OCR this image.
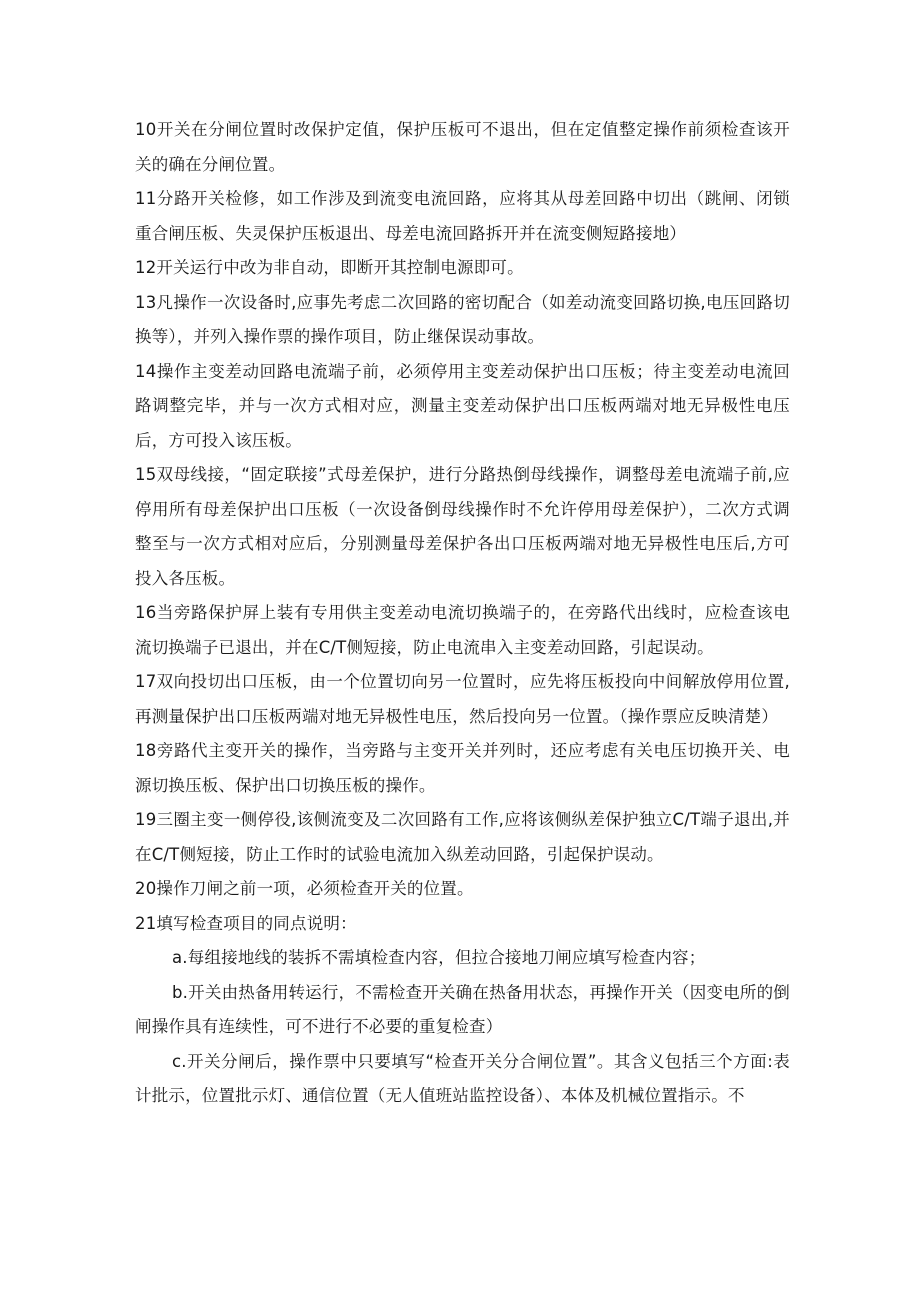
10开关在分闸位置时改保护定值，保护压板可不退出，但在定值整定操作前须检查该开关的确在分闸位置。

11分路开关检修，如工作涉及到流变电流回路，应将其从母差回路中切出（跳闸、闭锁重合闸压板、失灵保护压板退出、母差电流回路拆开并在流变侧短路接地）

12开关运行中改为非自动，即断开其控制电源即可。

13凡操作一次设备时,应事先考虑二次回路的密切配合（如差动流变回路切换,电压回路切换等），并列入操作票的操作项目，防止继保误动事故。

14操作主变差动回路电流端子前，必须停用主变差动保护出口压板；待主变差动电流回路调整完毕，并与一次方式相对应，测量主变差动保护出口压板两端对地无异极性电压后，方可投入该压板。

15双母线接，“固定联接”式母差保护，进行分路热倒母线操作，调整母差电流端子前,应停用所有母差保护出口压板（一次设备倒母线操作时不允许停用母差保护），二次方式调整至与一次方式相对应后，分别测量母差保护各出口压板两端对地无异极性电压后,方可投入各压板。

16当旁路保护屏上装有专用供主变差动电流切换端子的，在旁路代出线时，应检查该电流切换端子已退出，并在C/T侧短接，防止电流串入主变差动回路，引起误动。

17双向投切出口压板，由一个位置切向另一位置时，应先将压板投向中间解放停用位置,再测量保护出口压板两端对地无异极性电压，然后投向另一位置。（操作票应反映清楚）

18旁路代主变开关的操作，当旁路与主变开关并列时，还应考虑有关电压切换开关、电源切换压板、保护出口切换压板的操作。

19三圈主变一侧停役,该侧流变及二次回路有工作,应将该侧纵差保护独立C/T端子退出,并在C/T侧短接，防止工作时的试验电流加入纵差动回路，引起保护误动。

20操作刀闸之前一项，必须检查开关的位置。

21填写检查项目的同点说明：

a.每组接地线的装拆不需填检查内容，但拉合接地刀闸应填写检查内容；

b.开关由热备用转运行，不需检查开关确在热备用状态，再操作开关（因变电所的倒闸操作具有连续性，可不进行不必要的重复检查）

c.开关分闸后，操作票中只要填写“检查开关分合闸位置”。其含义包括三个方面:表计批示，位置批示灯、通信位置（无人值班站监控设备）、本体及机械位置指示。不
